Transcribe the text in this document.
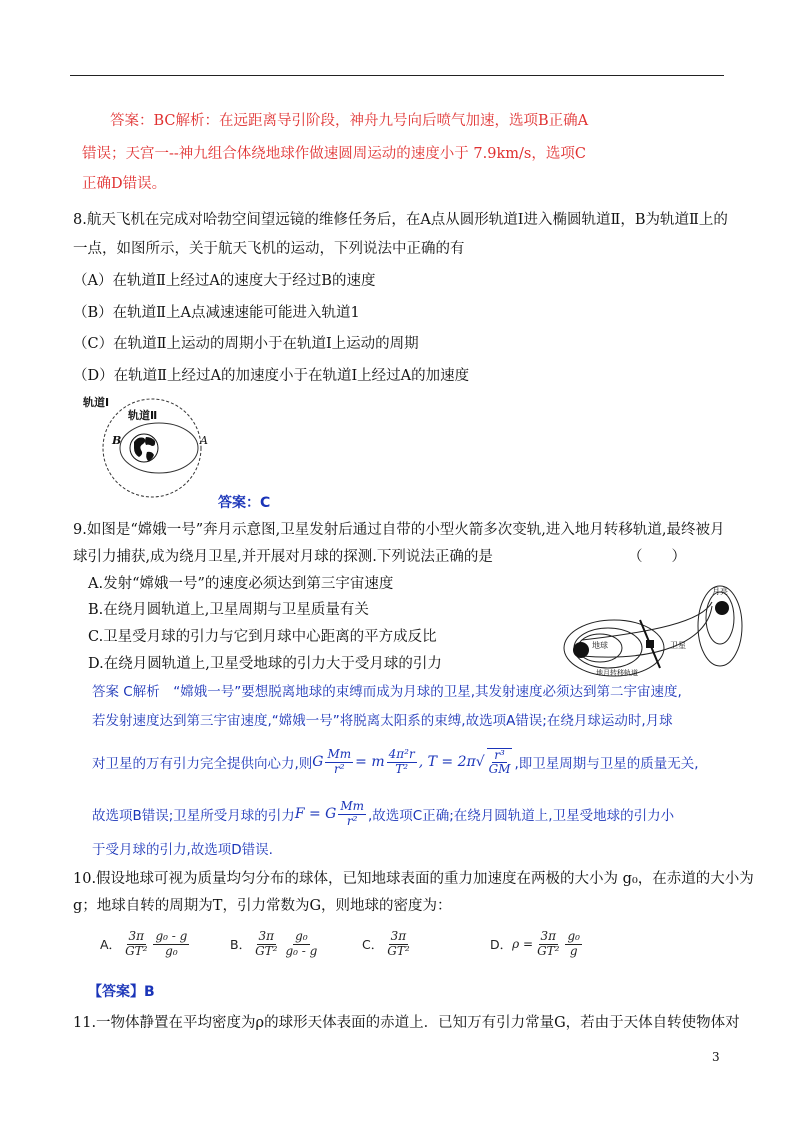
答案：BC解析：在远距离导引阶段，神舟九号向后喷气加速，选项B正确A
错误；天宫一--神九组合体绕地球作做速圆周运动的速度小于 7.9km/s，选项C
正确D错误。
8.航天飞机在完成对哈勃空间望远镜的维修任务后，在A点从圆形轨道Ⅰ进入椭圆轨道Ⅱ，B为轨道Ⅱ上的
一点，如图所示，关于航天飞机的运动，下列说法中正确的有
（A）在轨道Ⅱ上经过A的速度大于经过B的速度
（B）在轨道Ⅱ上A点减速速能可能进入轨道1
（C）在轨道Ⅱ上运动的周期小于在轨道Ⅰ上运动的周期
（D）在轨道Ⅱ上经过A的加速度小于在轨道Ⅰ上经过A的加速度
轨道Ⅰ
轨道Ⅱ
B	A
答案：C
9.如图是“嫦娥一号”奔月示意图,卫星发射后通过自带的小型火箭多次变轨,进入地月转移轨道,最终被月
球引力捕获,成为绕月卫星,并开展对月球的探测.下列说法正确的是	（　　）
A.发射“嫦娥一号”的速度必须达到第三宇宙速度
B.在绕月圆轨道上,卫星周期与卫星质量有关
C.卫星受月球的引力与它到月球中心距离的平方成反比
D.在绕月圆轨道上,卫星受地球的引力大于受月球的引力
月亮
地球	卫星
地月转移轨道
答案 C解析　“嫦娥一号”要想脱离地球的束缚而成为月球的卫星,其发射速度必须达到第二宇宙速度,
若发射速度达到第三宇宙速度,“嫦娥一号”将脱离太阳系的束缚,故选项A错误;在绕月球运动时,月球
对卫星的万有引力完全提供向心力,则 G $\frac{Mm}{\text{r²}} = m \frac{\text{4π²r}}{\text{T²}}$ , T = 2π √ $\frac{\text{r³}}{GM}$ ,即卫星周期与卫星的质量无关,
故选项B错误;卫星所受月球的引力 F = G $\frac{Mm}{\text{r²}}$ ,故选项C正确;在绕月圆轨道上,卫星受地球的引力小
于受月球的引力,故选项D错误.
10.假设地球可视为质量均匀分布的球体，已知地球表面的重力加速度在两极的大小为 g₀，在赤道的大小为
g；地球自转的周期为T，引力常数为G，则地球的密度为：
A． $\frac{3\pi}{\text{GT²}} \frac{\text{g₀ - g}}{\text{g₀}}$	B． $\frac{3\pi}{\text{GT²}} \frac{\text{g₀}}{\text{g₀ - g}}$	C． $\frac{3\pi}{\text{GT²}}$	D． $\rho = \frac{3\pi}{\text{GT²}} \frac{\text{g₀}}{g}$
【答案】B
11.一物体静置在平均密度为ρ的球形天体表面的赤道上．已知万有引力常量G，若由于天体自转使物体对
3
